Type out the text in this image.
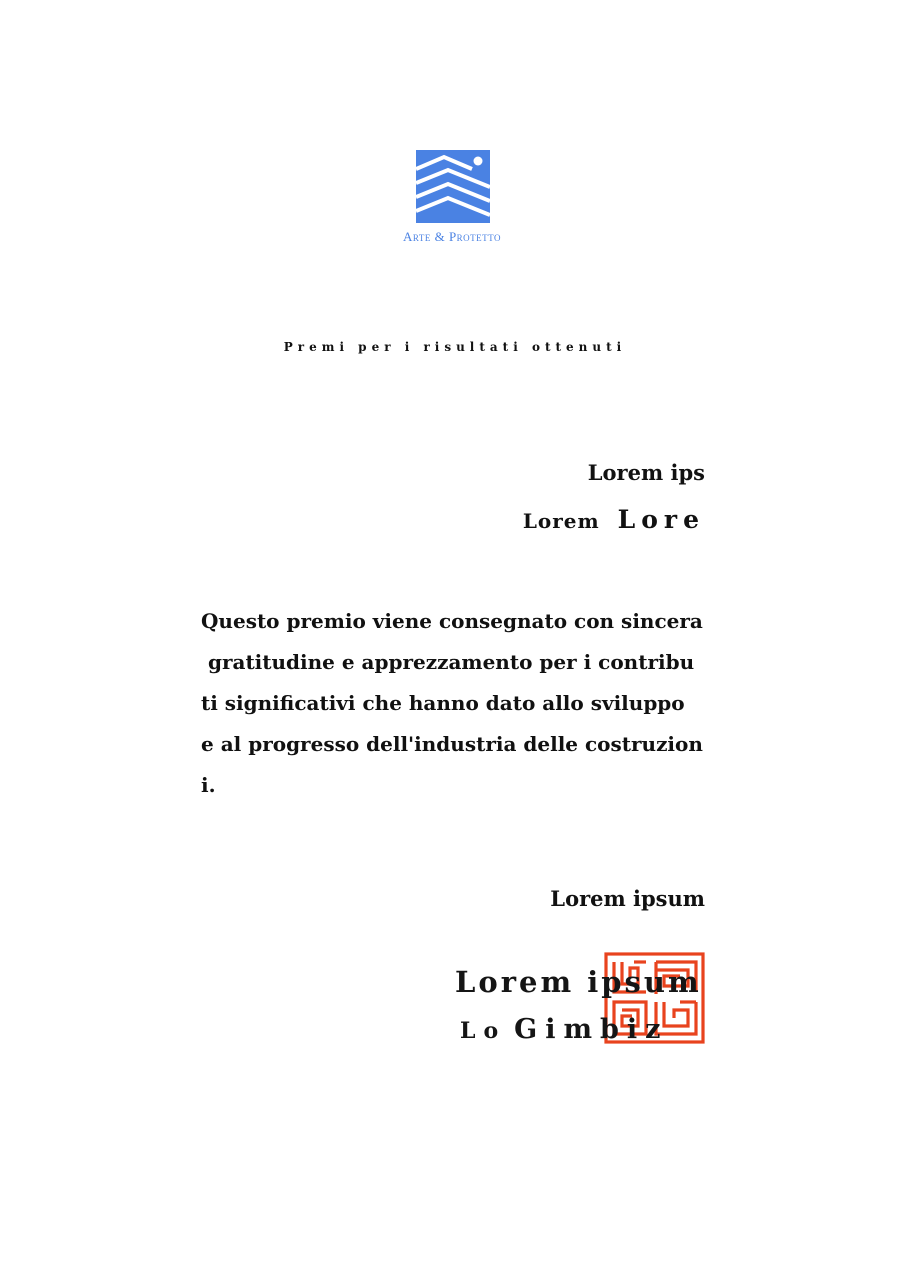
Arte & Protetto
Premi per i risultati ottenuti
Lorem ips
Lorem Lore
Questo premio viene consegnato con sincera
gratitudine e apprezzamento per i contribu
ti significativi che hanno dato allo sviluppo
e al progresso dell'industria delle costruzion
i.
Lorem ipsum
Lorem ipsum
Lo Gimbiz
